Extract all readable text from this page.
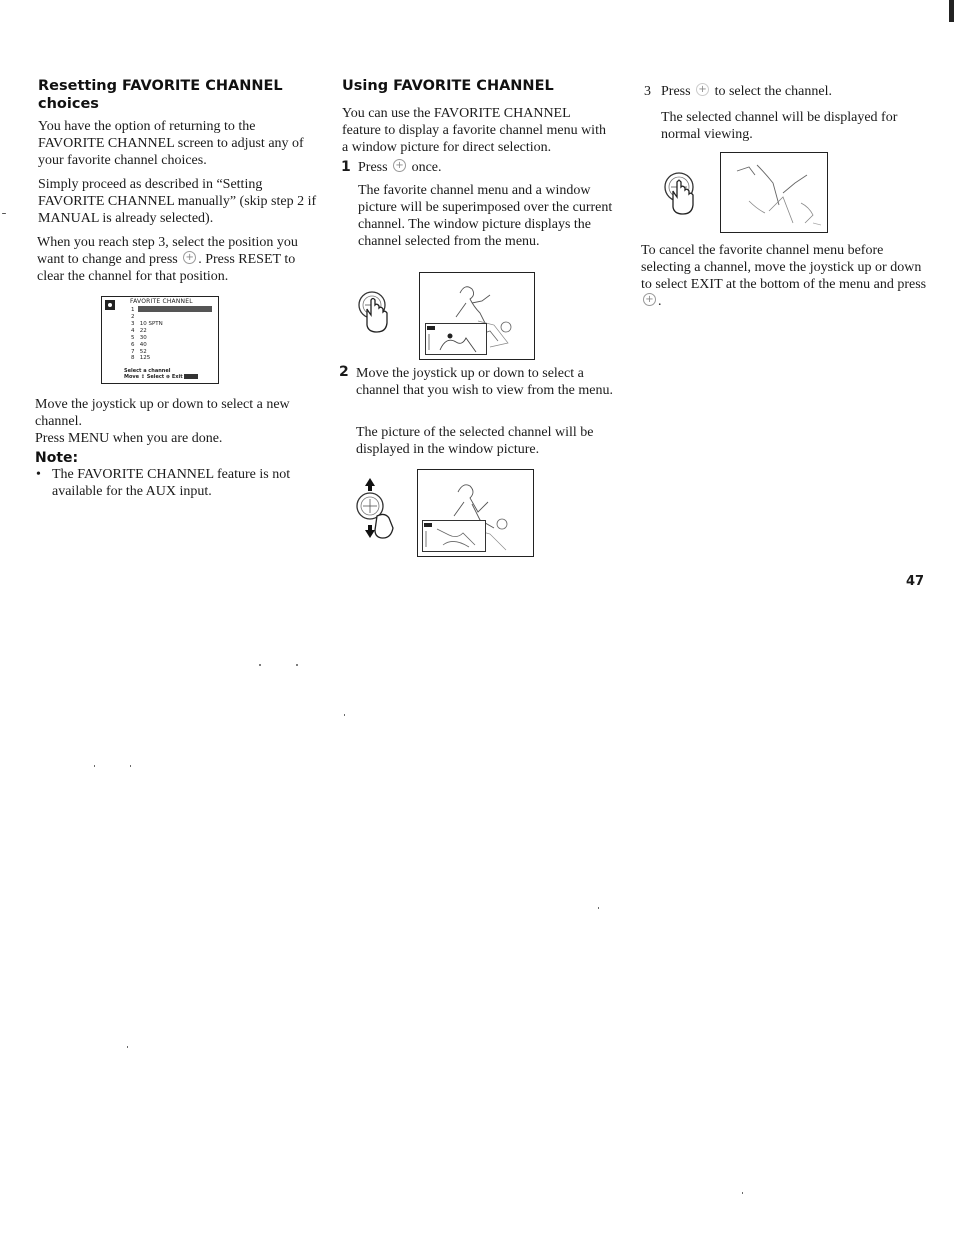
Resetting FAVORITE CHANNEL choices

You have the option of returning to the FAVORITE CHANNEL screen to adjust any of your favorite channel choices.

Simply proceed as described in “Setting FAVORITE CHANNEL manually” (skip step 2 if MANUAL is already selected).

When you reach step 3, select the position you want to change and press + . Press RESET to clear the channel for that position.

FAVORITE CHANNEL
1
2
3   10 SPTN
4   22
5   30
6   40
7   52
8   125
Select a channel
Move ↕ Select ⊕ Exit

Move the joystick up or down to select a new channel.

Press MENU when you are done.

Note:
• The FAVORITE CHANNEL feature is not available for the AUX input.
Using FAVORITE CHANNEL
You can use the FAVORITE CHANNEL feature to display a favorite channel menu with a window picture for direct selection.
1 Press + once.
The favorite channel menu and a window picture will be superimposed over the current channel. The window picture displays the channel selected from the menu.
2 Move the joystick up or down to select a channel that you wish to view from the menu.
The picture of the selected channel will be displayed in the window picture.
3 Press + to select the channel.
The selected channel will be displayed for normal viewing.
To cancel the favorite channel menu before selecting a channel, move the joystick up or down to select EXIT at the bottom of the menu and press +.
47
